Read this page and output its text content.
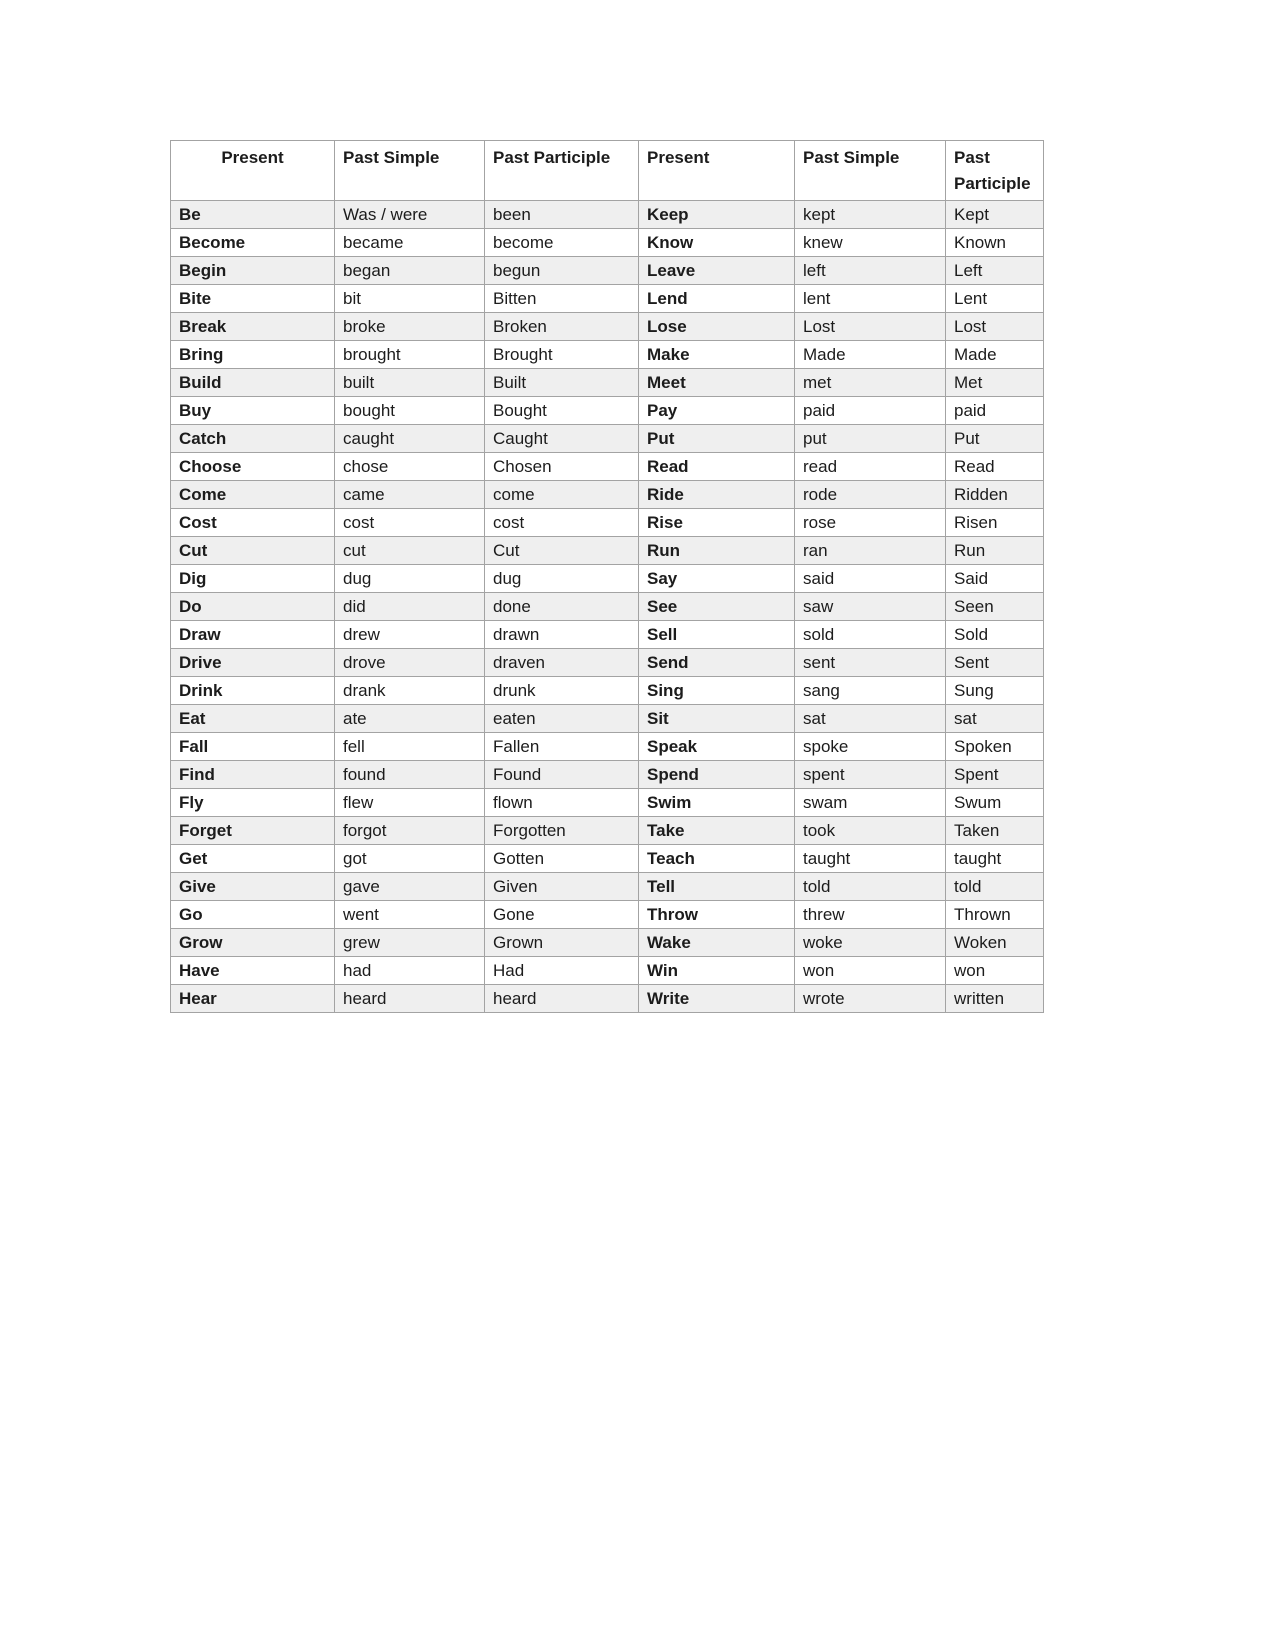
Present	Past Simple	Past Participle	Present	Past Simple	Past Participle
Be	Was / were	been	Keep	kept	Kept
Become	became	become	Know	knew	Known
Begin	began	begun	Leave	left	Left
Bite	bit	Bitten	Lend	lent	Lent
Break	broke	Broken	Lose	Lost	Lost
Bring	brought	Brought	Make	Made	Made
Build	built	Built	Meet	met	Met
Buy	bought	Bought	Pay	paid	paid
Catch	caught	Caught	Put	put	Put
Choose	chose	Chosen	Read	read	Read
Come	came	come	Ride	rode	Ridden
Cost	cost	cost	Rise	rose	Risen
Cut	cut	Cut	Run	ran	Run
Dig	dug	dug	Say	said	Said
Do	did	done	See	saw	Seen
Draw	drew	drawn	Sell	sold	Sold
Drive	drove	draven	Send	sent	Sent
Drink	drank	drunk	Sing	sang	Sung
Eat	ate	eaten	Sit	sat	sat
Fall	fell	Fallen	Speak	spoke	Spoken
Find	found	Found	Spend	spent	Spent
Fly	flew	flown	Swim	swam	Swum
Forget	forgot	Forgotten	Take	took	Taken
Get	got	Gotten	Teach	taught	taught
Give	gave	Given	Tell	told	told
Go	went	Gone	Throw	threw	Thrown
Grow	grew	Grown	Wake	woke	Woken
Have	had	Had	Win	won	won
Hear	heard	heard	Write	wrote	written
